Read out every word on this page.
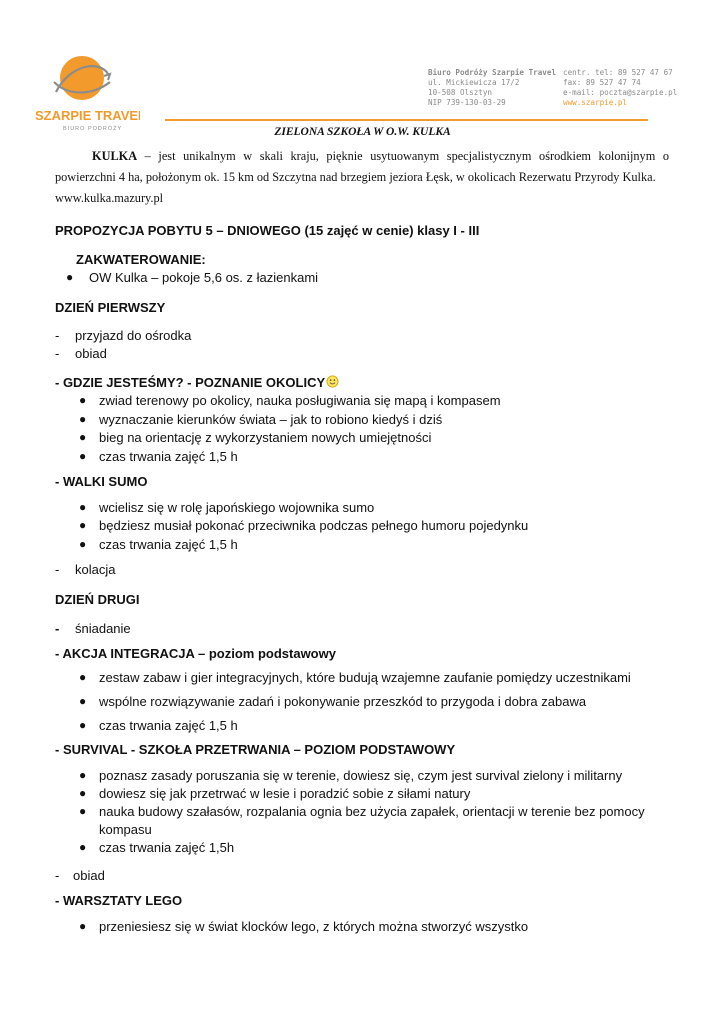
SZARPIE TRAVEL
BIURO PODRÓŻY
Biuro Podróży Szarpie Travel
ul. Mickiewicza 17/2
10-508 Olsztyn
NIP 739-130-03-29
centr. tel: 89 527 47 67
fax: 89 527 47 74
e-mail: poczta@szarpie.pl
www.szarpie.pl
ZIELONA SZKOŁA W O.W. KULKA

KULKA – jest unikalnym w skali kraju, pięknie usytuowanym specjalistycznym ośrodkiem kolonijnym o

powierzchni 4 ha, położonym ok. 15 km od Szczytna nad brzegiem jeziora Łęsk, w okolicach Rezerwatu Przyrody Kulka.

www.kulka.mazury.pl

PROPOZYCJA POBYTU 5 – DNIOWEGO (15 zajęć w cenie) klasy I - III
ZAKWATEROWANIE:
● OW Kulka – pokoje 5,6 os. z łazienkami
DZIEŃ PIERWSZY
- przyjazd do ośrodka
- obiad
- GDZIE JESTEŚMY? - POZNANIE OKOLICY
● zwiad terenowy po okolicy, nauka posługiwania się mapą i kompasem
● wyznaczanie kierunków świata – jak to robiono kiedyś i dziś
● bieg na orientację z wykorzystaniem nowych umiejętności
● czas trwania zajęć 1,5 h
- WALKI SUMO
● wcielisz się w rolę japońskiego wojownika sumo
● będziesz musiał pokonać przeciwnika podczas pełnego humoru pojedynku
● czas trwania zajęć 1,5 h
- kolacja
DZIEŃ DRUGI
- śniadanie
- AKCJA INTEGRACJA – poziom podstawowy
● zestaw zabaw i gier integracyjnych, które budują wzajemne zaufanie pomiędzy uczestnikami
● wspólne rozwiązywanie zadań i pokonywanie przeszkód to przygoda i dobra zabawa
● czas trwania zajęć 1,5 h
- SURVIVAL - SZKOŁA PRZETRWANIA – POZIOM PODSTAWOWY
● poznasz zasady poruszania się w terenie, dowiesz się, czym jest survival zielony i militarny
● dowiesz się jak przetrwać w lesie i poradzić sobie z siłami natury
● nauka budowy szałasów, rozpalania ognia bez użycia zapałek, orientacji w terenie bez pomocy
kompasu
● czas trwania zajęć 1,5h
- obiad
- WARSZTATY LEGO
● przeniesiesz się w świat klocków lego, z których można stworzyć wszystko
